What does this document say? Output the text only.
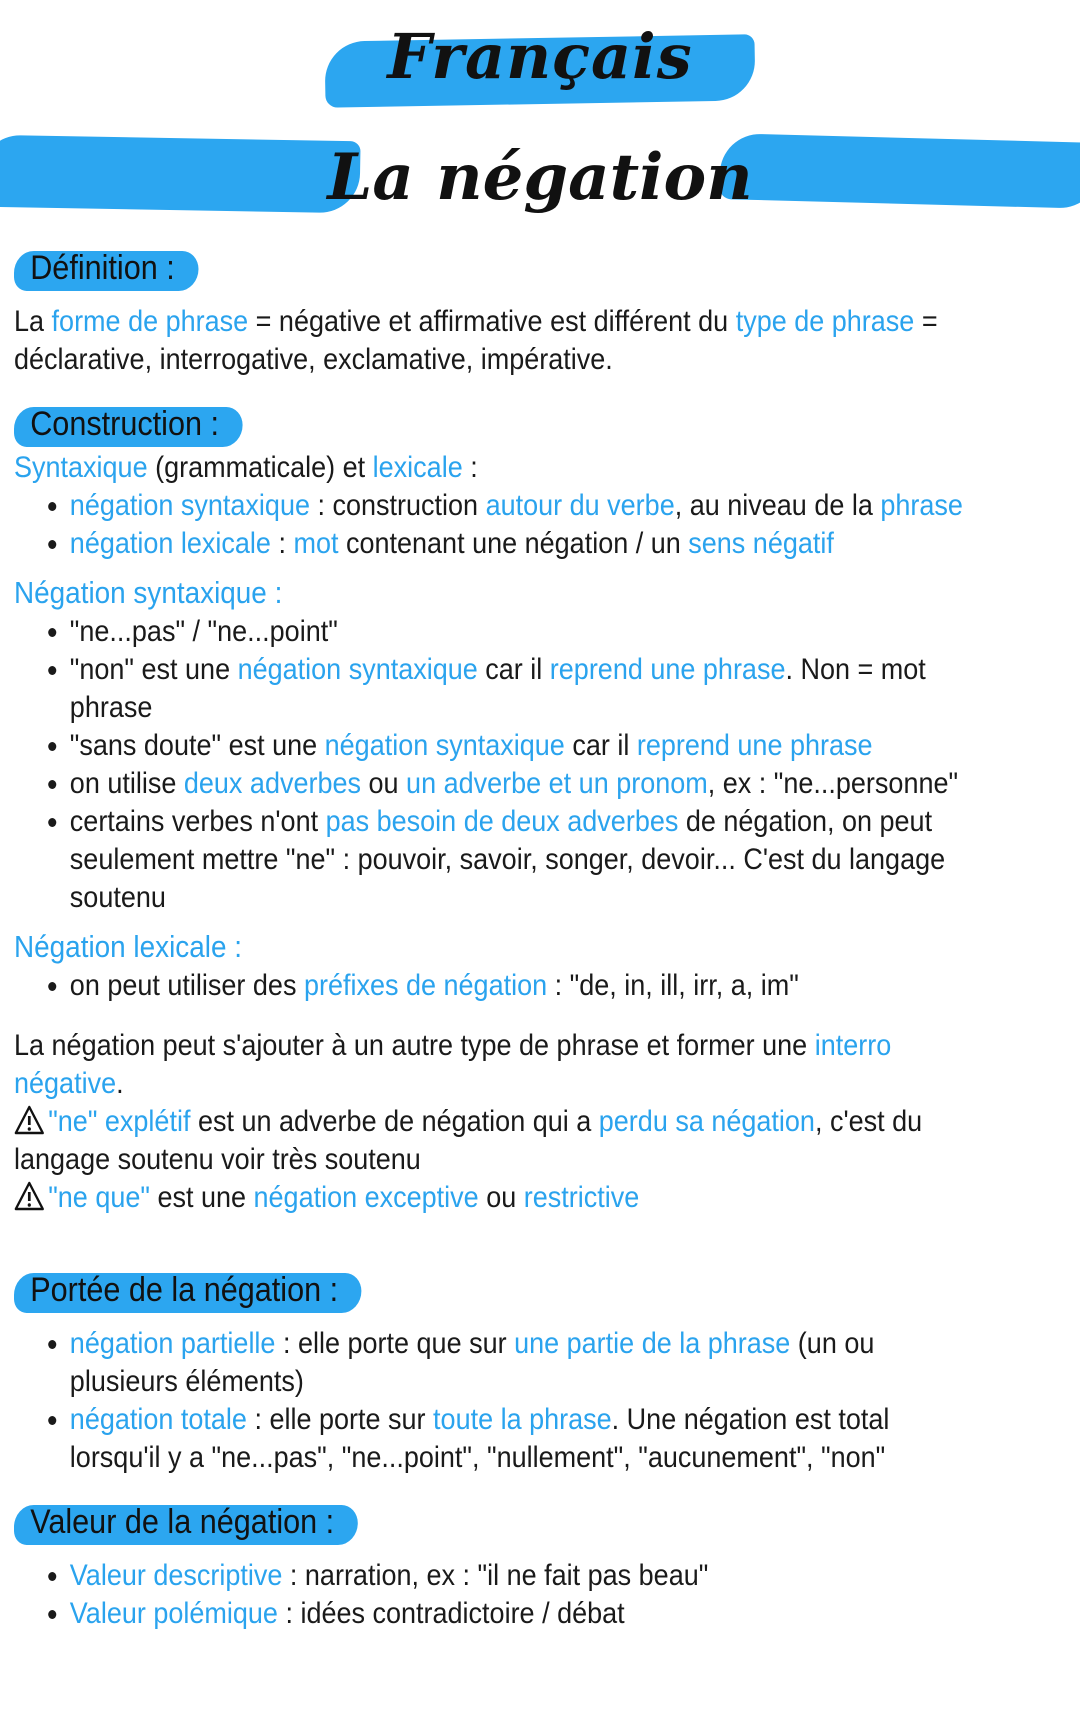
Français
La négation
Définition :

La forme de phrase = négative et affirmative est différent du type de phrase = déclarative, interrogative, exclamative, impérative.

Construction :

Syntaxique (grammaticale) et lexicale :

• négation syntaxique : construction autour du verbe, au niveau de la phrase
• négation lexicale : mot contenant une négation / un sens négatif
Négation syntaxique :
• "ne...pas" / "ne...point"
• "non" est une négation syntaxique car il reprend une phrase. Non = mot phrase
• "sans doute" est une négation syntaxique car il reprend une phrase
• on utilise deux adverbes ou un adverbe et un pronom, ex : "ne...personne"
• certains verbes n'ont pas besoin de deux adverbes de négation, on peut seulement mettre "ne" : pouvoir, savoir, songer, devoir... C'est du langage soutenu
Négation lexicale :
• on peut utiliser des préfixes de négation : "de, in, ill, irr, a, im"

La négation peut s'ajouter à un autre type de phrase et former une interro négative.

"ne" explétif est un adverbe de négation qui a perdu sa négation, c'est du langage soutenu voir très soutenu

"ne que" est une négation exceptive ou restrictive

Portée de la négation :
• négation partielle : elle porte que sur une partie de la phrase (un ou plusieurs éléments)
• négation totale : elle porte sur toute la phrase. Une négation est total lorsqu'il y a "ne...pas", "ne...point", "nullement", "aucunement", "non"
Valeur de la négation :
• Valeur descriptive : narration, ex : "il ne fait pas beau"
• Valeur polémique : idées contradictoire / débat
